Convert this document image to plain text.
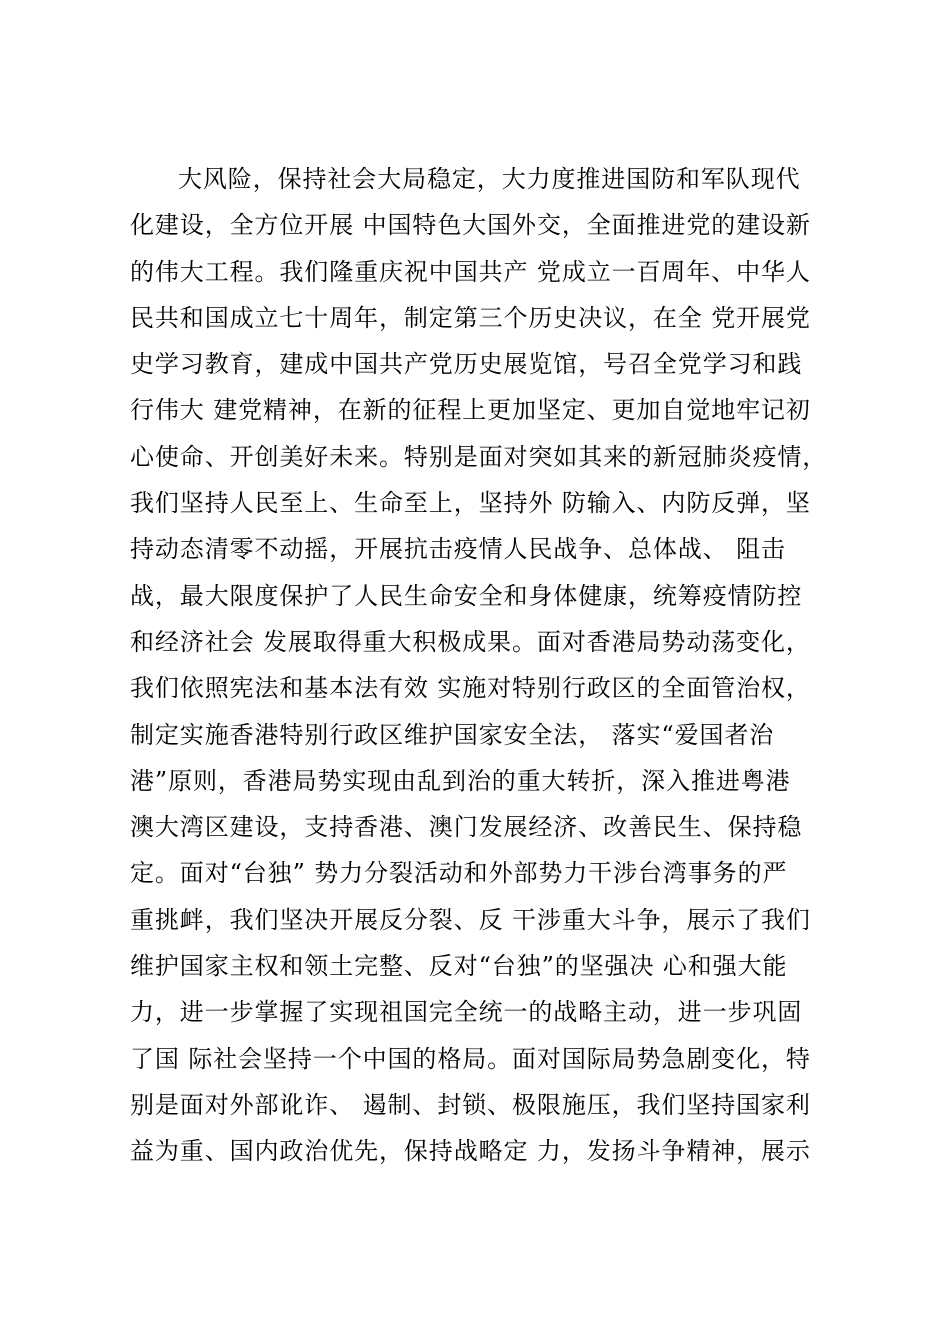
大风险，保持社会大局稳定，大力度推进国防和军队现代
化建设，全方位开展 中国特色大国外交，全面推进党的建设新
的伟大工程。我们隆重庆祝中国共产 党成立一百周年、中华人
民共和国成立七十周年，制定第三个历史决议，在全 党开展党
史学习教育，建成中国共产党历史展览馆，号召全党学习和践
行伟大 建党精神，在新的征程上更加坚定、更加自觉地牢记初
心使命、开创美好未来。特别是面对突如其来的新冠肺炎疫情，
我们坚持人民至上、生命至上，坚持外 防输入、内防反弹，坚
持动态清零不动摇，开展抗击疫情人民战争、总体战、 阻击
战，最大限度保护了人民生命安全和身体健康，统筹疫情防控
和经济社会 发展取得重大积极成果。面对香港局势动荡变化，
我们依照宪法和基本法有效 实施对特别行政区的全面管治权，
制定实施香港特别行政区维护国家安全法， 落实“爱国者治
港”原则，香港局势实现由乱到治的重大转折，深入推进粤港
澳大湾区建设，支持香港、澳门发展经济、改善民生、保持稳
定。面对“台独” 势力分裂活动和外部势力干涉台湾事务的严
重挑衅，我们坚决开展反分裂、反 干涉重大斗争，展示了我们
维护国家主权和领土完整、反对“台独”的坚强决 心和强大能
力，进一步掌握了实现祖国完全统一的战略主动，进一步巩固
了国 际社会坚持一个中国的格局。面对国际局势急剧变化，特
别是面对外部讹诈、 遏制、封锁、极限施压，我们坚持国家利
益为重、国内政治优先，保持战略定 力，发扬斗争精神，展示
